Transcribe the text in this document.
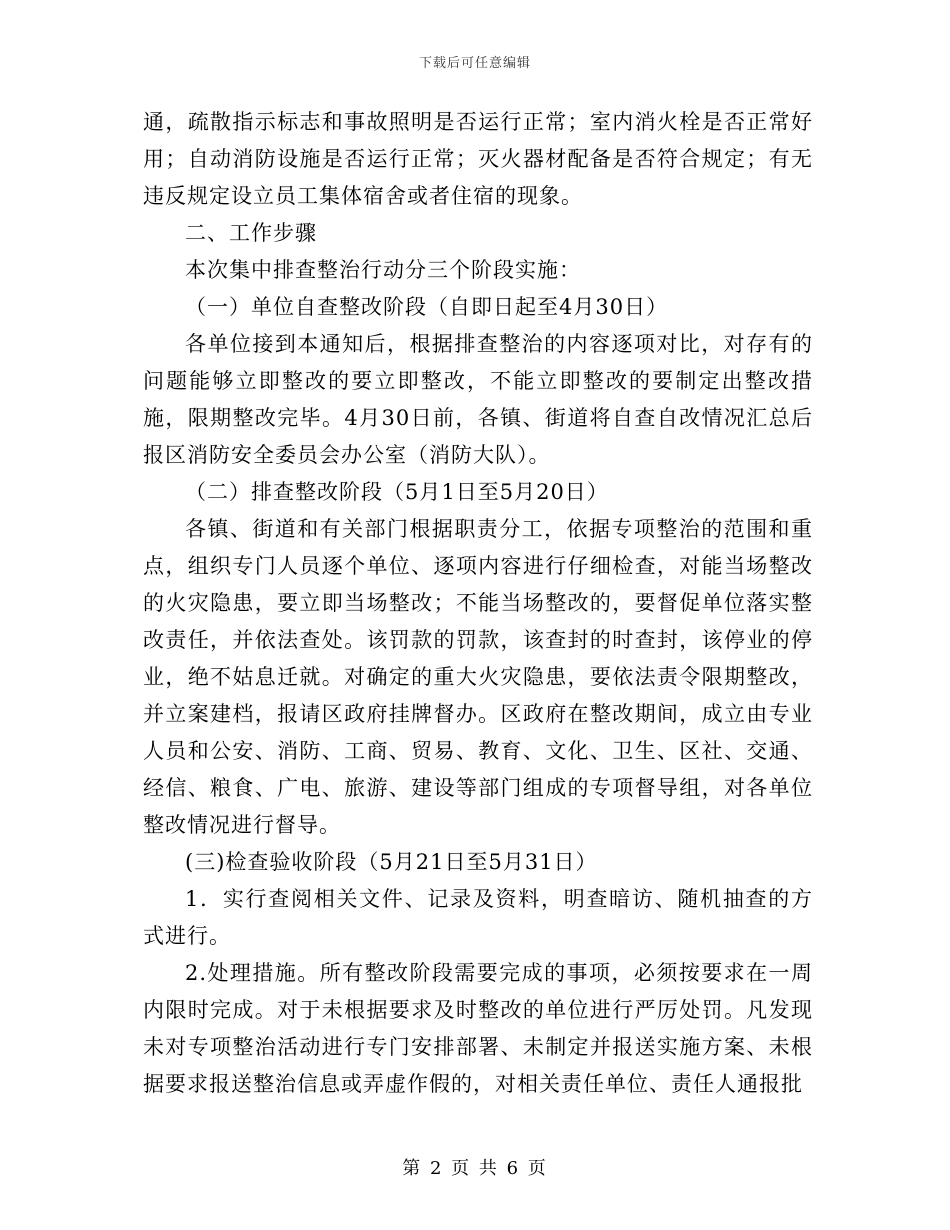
下载后可任意编辑

通，疏散指示标志和事故照明是否运行正常；室内消火栓是否正常好用；自动消防设施是否运行正常；灭火器材配备是否符合规定；有无违反规定设立员工集体宿舍或者住宿的现象。

二、工作步骤

本次集中排查整治行动分三个阶段实施：

（一）单位自查整改阶段（自即日起至4月30日）

各单位接到本通知后，根据排查整治的内容逐项对比，对存有的问题能够立即整改的要立即整改，不能立即整改的要制定出整改措施，限期整改完毕。4月30日前，各镇、街道将自查自改情况汇总后报区消防安全委员会办公室（消防大队）。

（二）排查整改阶段（5月1日至5月20日）

各镇、街道和有关部门根据职责分工，依据专项整治的范围和重点，组织专门人员逐个单位、逐项内容进行仔细检查，对能当场整改的火灾隐患，要立即当场整改；不能当场整改的，要督促单位落实整改责任，并依法查处。该罚款的罚款，该查封的时查封，该停业的停业，绝不姑息迁就。对确定的重大火灾隐患，要依法责令限期整改，并立案建档，报请区政府挂牌督办。区政府在整改期间，成立由专业人员和公安、消防、工商、贸易、教育、文化、卫生、区社、交通、经信、粮食、广电、旅游、建设等部门组成的专项督导组，对各单位整改情况进行督导。

(三)检查验收阶段（5月21日至5月31日）

1．实行查阅相关文件、记录及资料，明查暗访、随机抽查的方式进行。

2.处理措施。所有整改阶段需要完成的事项，必须按要求在一周内限时完成。对于未根据要求及时整改的单位进行严厉处罚。凡发现未对专项整治活动进行专门安排部署、未制定并报送实施方案、未根据要求报送整治信息或弄虚作假的，对相关责任单位、责任人通报批

第 2 页 共 6 页
